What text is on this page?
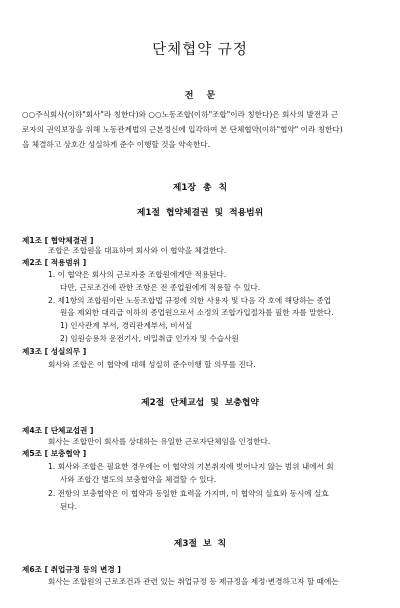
단체협약 규정
전 문
○○주식회사(이하"회사"라 칭한다)와 ○○노동조합(이하"조합"이라 칭한다)은 회사의 발전과 근
로자의 권익보장을 위해 노동관계법의 근본정신에 입각하여 본 단체협약(이하"협약" 이라 칭한다)
을 체결하고 상호간 성실하게 준수 이행할 것을 약속한다.
제1장 총 칙
제1절 협약체결권 및 적용범위
제1조 [ 협약체결권 ]
조합은 조합원을 대표하여 회사와 이 협약을 체결한다.
제2조 [ 적용범위 ]
1. 이 협약은 회사의 근로자중 조합원에게만 적용된다.
다만, 근로조건에 관한 조항은 전 종업원에게 적용할 수 있다.
2. 제1항의 조합원이란 노동조합법 규정에 의한 사용자 및 다음 각 호에 해당하는 종업
원을 제외한 대리급 이하의 종업원으로서 소정의 조합가입절차를 필한 자를 말한다.
1) 인사관계 부서, 경리관계부서, 비서실
2) 임원승용차 운전기사, 비밀취급 인가자 및 수습사원
제3조 [ 성실의무 ]
회사와 조합은 이 협약에 대해 성실히 준수이행 할 의무를 진다.
제2절 단체교섭 및 보충협약
제4조 [ 단체교섭권 ]
회사는 조합만이 회사를 상대하는 유일한 근로자단체임을 인정한다.
제5조 [ 보충협약 ]
1. 회사와 조합은 필요한 경우에는 이 협약의 기본취지에 벗어나지 않는 범위 내에서 회
사와 조합간 별도의 보충협약을 체결할 수 있다.
2. 전항의 보충협약은 이 협약과 동일한 효력을 가지며, 이 협약의 실효와 동시에 실효
된다.
제3절 보 칙
제6조 [ 취업규정 등의 변경 ]
회사는 조합원의 근로조건과 관련 있는 취업규정 등 제규정을 제정·변경하고자 할 때에는
